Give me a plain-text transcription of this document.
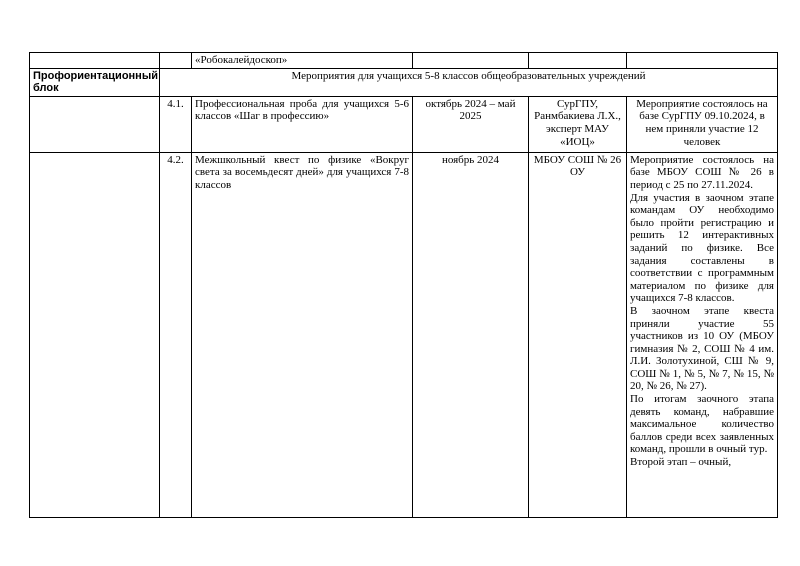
		«Робокалейдоскоп»			
Профориентационный блок	Мероприятия для учащихся 5-8 классов общеобразовательных учреждений				
	4.1.	Профессиональная проба для учащихся 5-6 классов «Шаг в профессию»	октябрь 2024 – май 2025	СурГПУ, Ранмбакиева Л.Х., эксперт МАУ «ИОЦ»	Мероприятие состоялось на базе СурГПУ 09.10.2024, в нем приняли участие 12 человек
	4.2.	Межшкольный квест по физике «Вокруг света за восемьдесят дней» для учащихся 7-8 классов	ноябрь 2024	МБОУ СОШ № 26 ОУ	Мероприятие состоялось на базе МБОУ СОШ № 26 в период с 25 по 27.11.2024.

Для участия в заочном этапе командам ОУ необходимо было пройти регистрацию и решить 12 интерактивных заданий по физике. Все задания составлены в соответствии с программным материалом по физике для учащихся 7-8 классов.

В заочном этапе квеста приняли участие 55 участников из 10 ОУ (МБОУ гимназия № 2, СОШ № 4 им. Л.И. Золотухиной, СШ № 9, СОШ № 1, № 5, № 7, № 15, № 20, № 26, № 27).

По итогам заочного этапа девять команд, набравшие максимальное количество баллов среди всех заявленных команд, прошли в очный тур.

Второй этап – очный,
